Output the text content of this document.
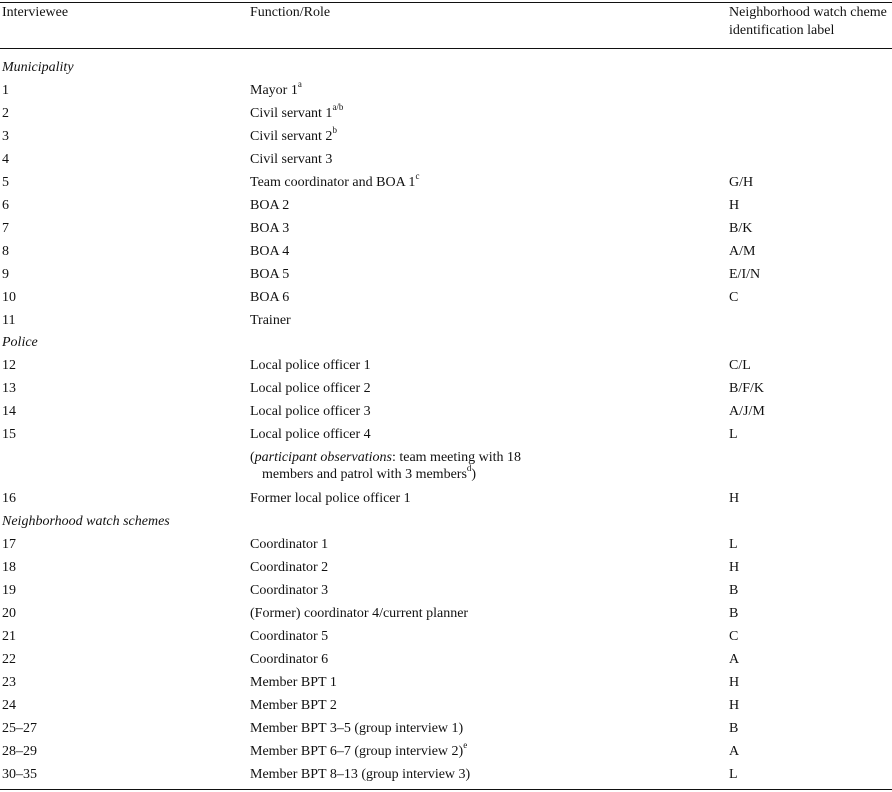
Interviewee	Function/Role	Neighborhood watch cheme identification label
Municipality
1	Mayor 1$^a$
2	Civil servant $1^{a/b}$
3	Civil servant 2$^b$
4	Civil servant 3
5	Team coordinator and BOA 1$^c$	G/H
6	BOA 2	H
7	BOA 3	B/K
8	BOA 4	A/M
9	BOA 5	E/I/N
10	BOA 6	C
11	Trainer
Police
12	Local police officer 1	C/L
13	Local police officer 2	B/F/K
14	Local police officer 3	A/J/M
15	Local police officer 4	L
(participant observations: team meeting with 18
members and patrol with 3 members$^d$)
16	Former local police officer 1	H
Neighborhood watch schemes
17	Coordinator 1	L
18	Coordinator 2	H
19	Coordinator 3	B
20	(Former) coordinator 4/current planner	B
21	Coordinator 5	C
22	Coordinator 6	A
23	Member BPT 1	H
24	Member BPT 2	H
25–27	Member BPT 3–5 (group interview 1)	B
28–29	Member BPT 6–7 (group interview 2)$^e$	A
30–35	Member BPT 8–13 (group interview 3)	L
